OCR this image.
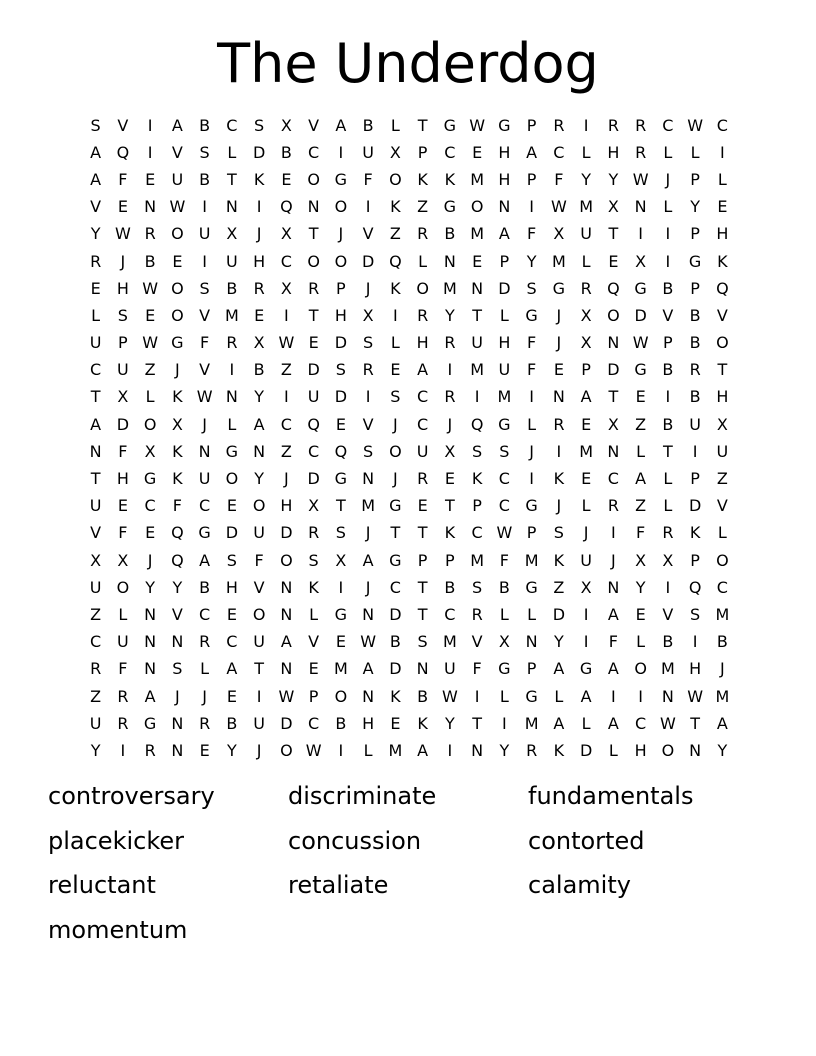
The Underdog
S	V	I	A	B	C	S	X	V	A	B	L	T	G W G	P	R	I	R	R	C W C
A Q	I	V	S	L	D B	C	I	U X	P	C	E	H A	C	L	H R	L	L	I
A	F	E	U B	T	K	E O G	F	O K	K M H	P	F	Y	Y W	J	P	L
V	E	N W	I	N	I	Q N O	I	K	Z G O N	I	W M X N	L	Y	E
Y W R O U X	J	X	T	J	V	Z	R	B M A	F	X U	T	I	I	P	H
R	J	B	E	I	U H C O O D Q	L	N	E	P	Y M L	E	X	I	G K
E	H W O S	B	R	X	R	P	J	K O M N D	S G R Q G B	P	Q
L	S	E O V M E	I	T	H X	I	R	Y	T	L	G	J	X O D V	B	V
U	P W G	F	R	X W E	D	S	L	H R U H	F	J	X N W P	B O
C U Z	J	V	I	B	Z D	S	R	E	A	I	M U	F	E	P	D G B	R	T
T	X	L	K W N	Y	I	U D	I	S	C	R	I	M	I	N A	T	E	I	B H
A D O X	J	L	A	C Q E	V	J	C	J	Q G	L	R	E	X	Z	B U X
N	F	X	K	N G N Z	C Q S O U X	S	S	J	I	M N	L	T	I	U
T	H G K	U O	Y	J	D G N	J	R	E	K	C	I	K	E	C	A	L	P	Z
U	E	C	F	C	E O H X	T M G E	T	P	C G	J	L	R	Z	L	D V
V	F	E Q G D U D R	S	J	T	T	K	C W P	S	J	I	F	R	K	L
X	X	J	Q A	S	F	O S	X	A G	P	P M F M K	U	J	X	X	P	O
U O	Y	Y	B H V N	K	I	J	C	T	B	S	B G Z	X N	Y	I	Q C
Z	L	N V	C	E O N	L	G N D	T	C	R	L	L	D	I	A	E	V	S M
C U N N R	C U A	V	E W B	S M V	X N	Y	I	F	L	B	I	B
R	F	N	S	L	A	T	N	E M A D N U	F	G	P	A G A O M H	J
Z	R	A	J	J	E	I	W P	O N	K	B W	I	L	G	L	A	I	I	N W M
U R G N R	B U D C	B H	E	K	Y	T	I	M A	L	A	C W T	A
Y	I	R N	E	Y	J	O W	I	L M A	I	N	Y	R	K D	L	H O N	Y
controversary	discriminate	fundamentals
placekicker	concussion	contorted
reluctant	retaliate	calamity
momentum
